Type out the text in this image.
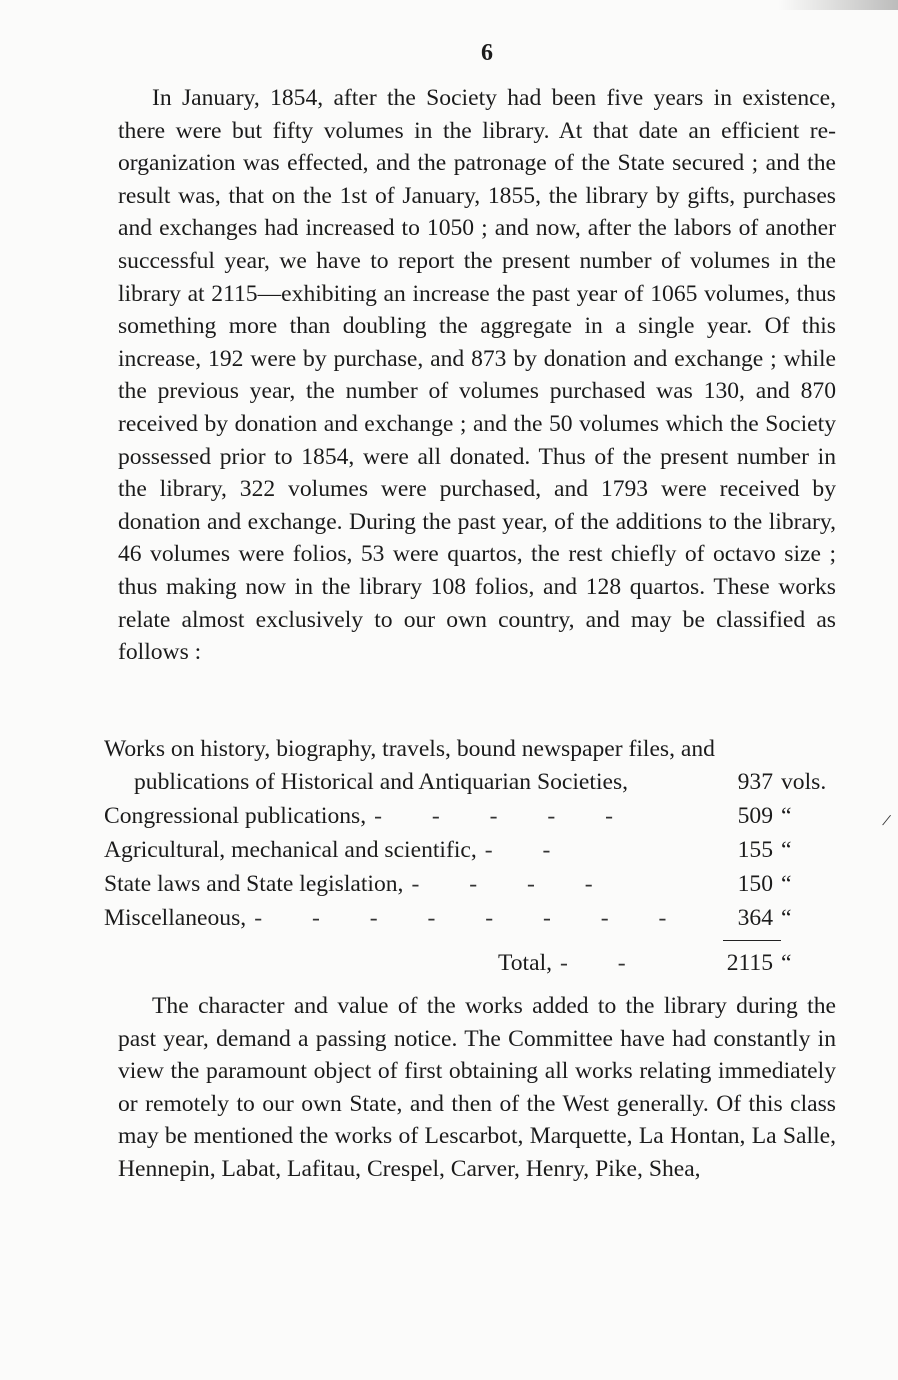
6

In January, 1854, after the Society had been five years in existence, there were but fifty volumes in the library. At that date an efficient re-organization was effected, and the patronage of the State secured ; and the result was, that on the 1st of January, 1855, the library by gifts, purchases and exchanges had increased to 1050 ; and now, after the labors of another successful year, we have to report the present number of volumes in the library at 2115—exhibiting an increase the past year of 1065 volumes, thus something more than doubling the aggregate in a single year. Of this increase, 192 were by purchase, and 873 by donation and exchange ; while the previous year, the number of volumes purchased was 130, and 870 received by donation and exchange ; and the 50 volumes which the Society possessed prior to 1854, were all donated. Thus of the present number in the library, 322 volumes were purchased, and 1793 were received by donation and exchange. During the past year, of the additions to the library, 46 volumes were folios, 53 were quartos, the rest chiefly of octavo size ; thus making now in the library 108 folios, and 128 quartos. These works relate almost exclusively to our own country, and may be classified as follows :

Works on history, biography, travels, bound newspaper files, and
publications of Historical and Antiquarian Societies,	937 vols.
Congressional publications, - - - - -	509 “
Agricultural, mechanical and scientific, - -	155 “
State laws and State legislation, - - - -	150 “
Miscellaneous, - - - - - - - -	364 “
Total, - -	2115 “

The character and value of the works added to the library during the past year, demand a passing notice. The Committee have had constantly in view the paramount object of first obtaining all works relating immediately or remotely to our own State, and then of the West generally. Of this class may be mentioned the works of Lescarbot, Marquette, La Hontan, La Salle, Hennepin, Labat, Lafitau, Crespel, Carver, Henry, Pike, Shea,

/
